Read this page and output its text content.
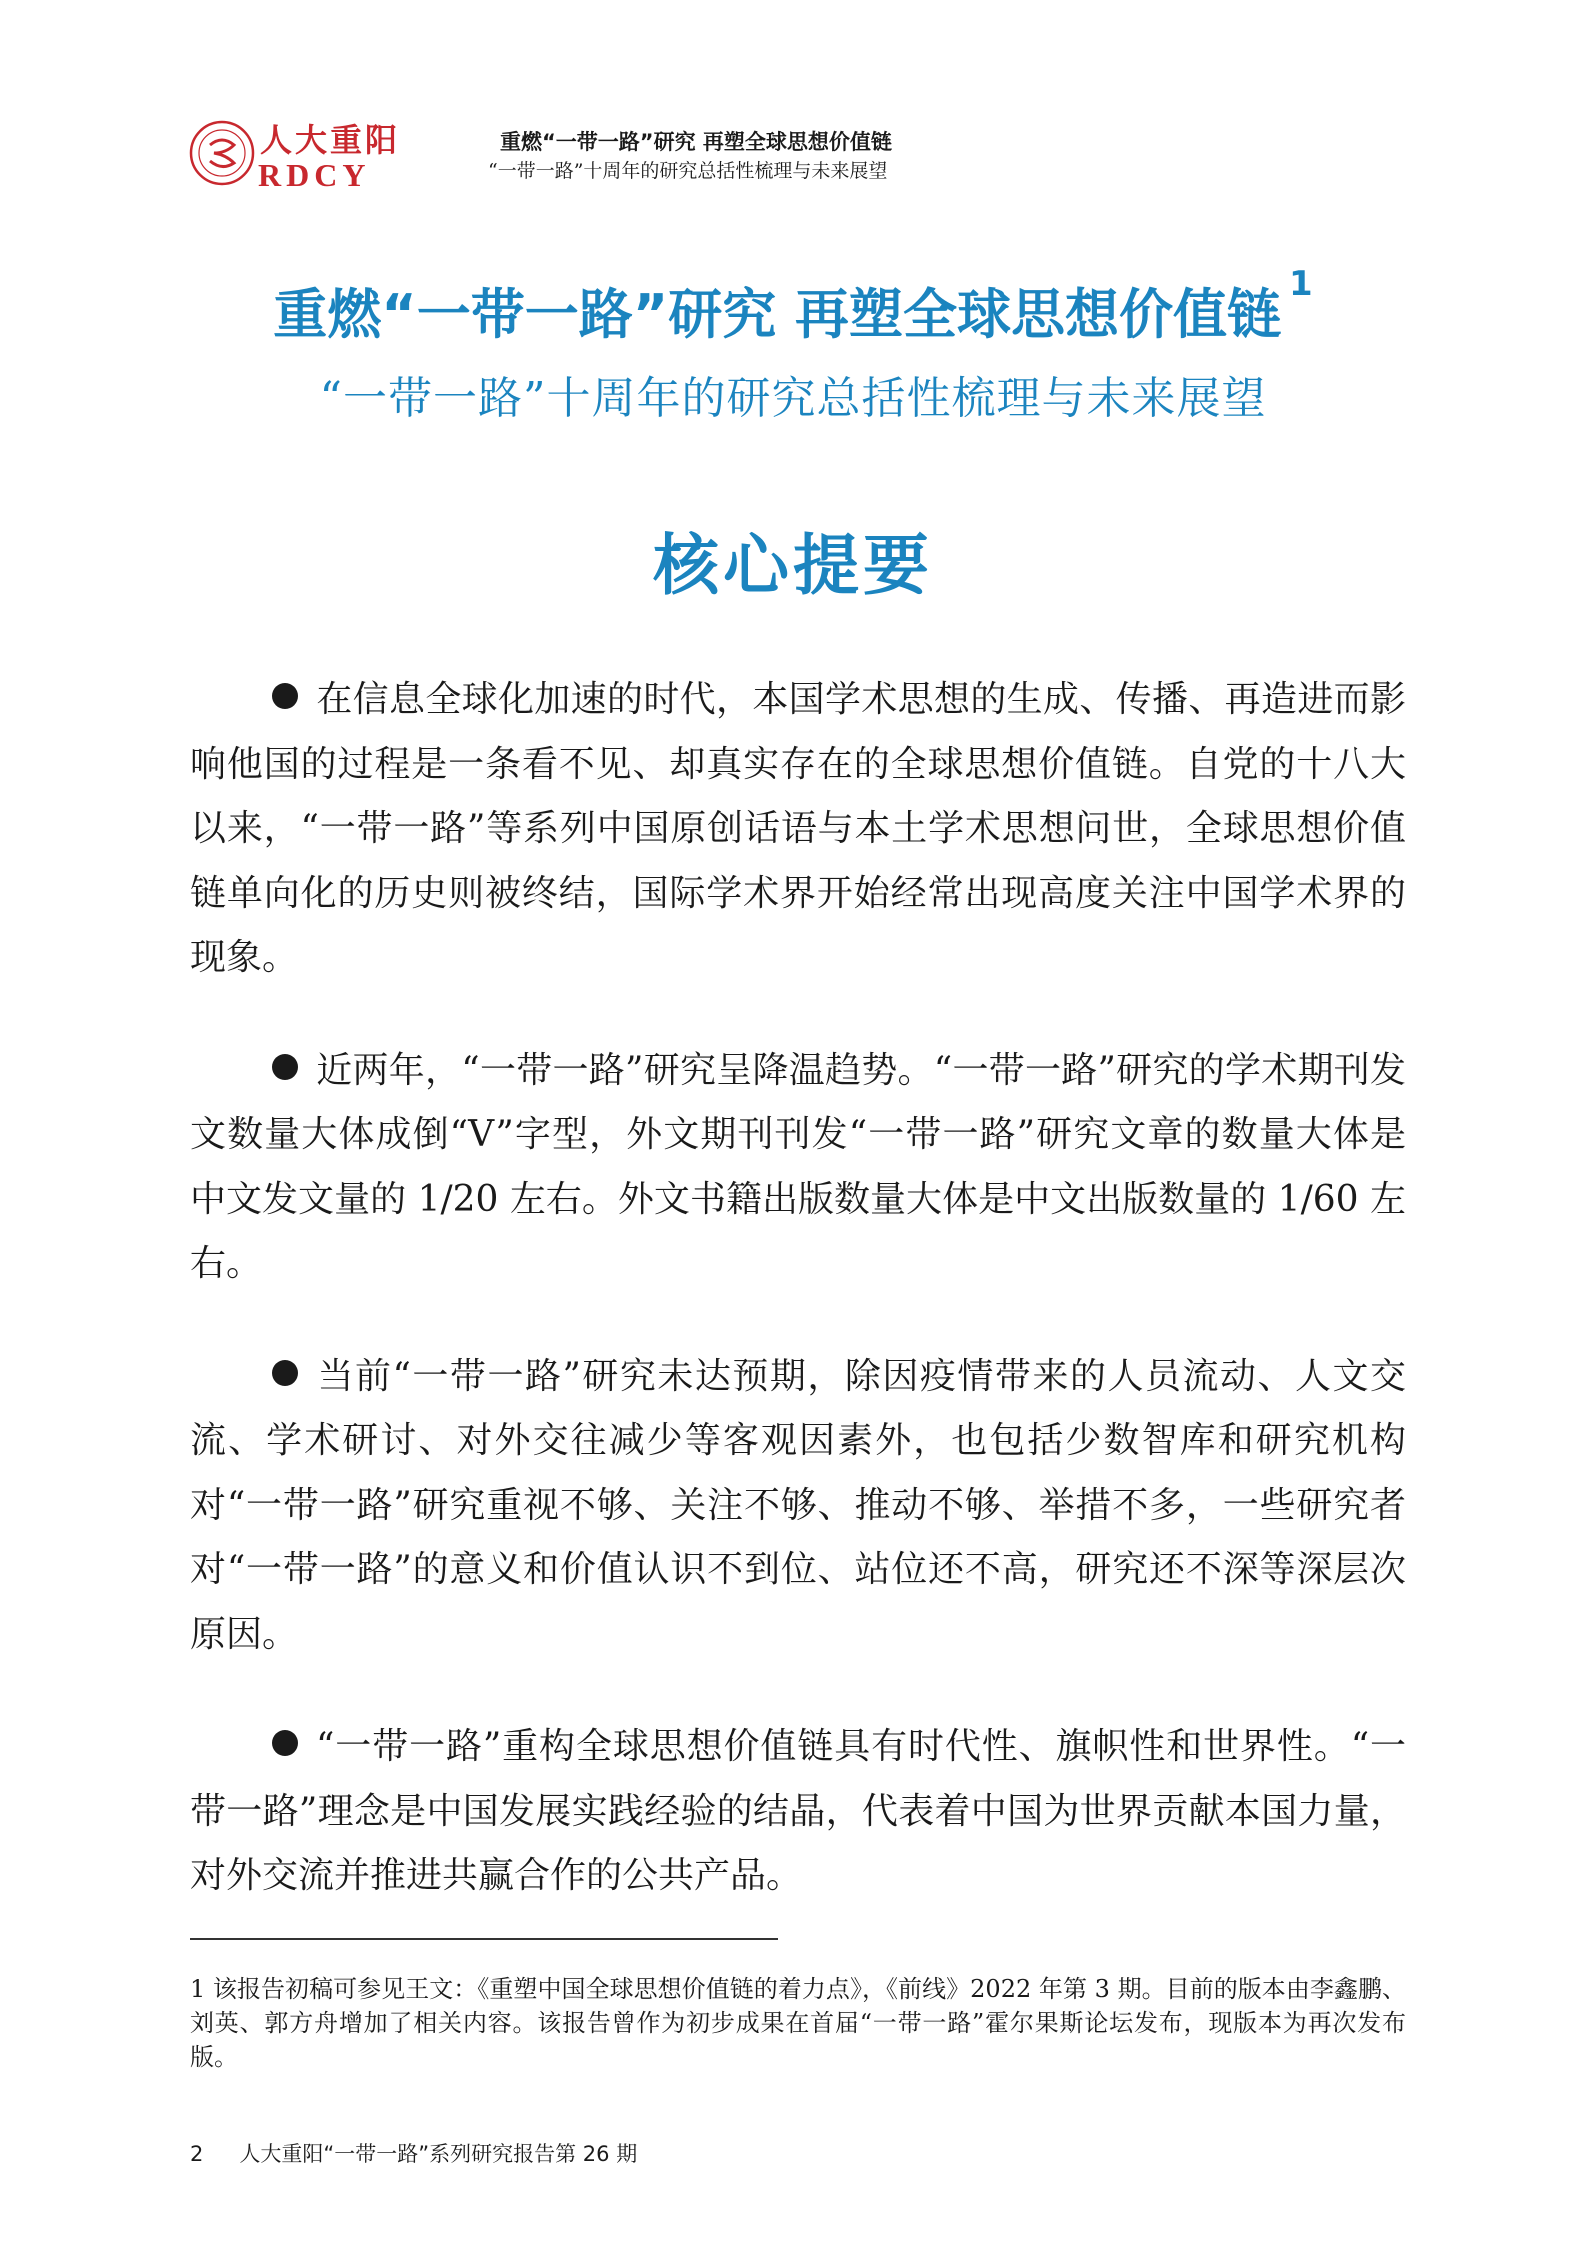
人大重阳
RDCY
重燃“一带一路”研究 再塑全球思想价值链
“一带一路”十周年的研究总括性梳理与未来展望
重燃“一带一路”研究 再塑全球思想价值链 $^1$
“一带一路”十周年的研究总括性梳理与未来展望
核心提要

在信息全球化加速的时代，本国学术思想的生成、传播、再造进而影响他国的过程是一条看不见、却真实存在的全球思想价值链。自党的十八大以来，“一带一路”等系列中国原创话语与本土学术思想问世，全球思想价值链单向化的历史则被终结，国际学术界开始经常出现高度关注中国学术界的现象。

近两年，“一带一路”研究呈降温趋势。“一带一路”研究的学术期刊发文数量大体成倒“V”字型，外文期刊刊发“一带一路”研究文章的数量大体是中文发文量的 1/20 左右。外文书籍出版数量大体是中文出版数量的 1/60 左右。

当前“一带一路”研究未达预期，除因疫情带来的人员流动、人文交流、学术研讨、对外交往减少等客观因素外，也包括少数智库和研究机构对“一带一路”研究重视不够、关注不够、推动不够、举措不多，一些研究者对“一带一路”的意义和价值认识不到位、站位还不高，研究还不深等深层次原因。

“一带一路”重构全球思想价值链具有时代性、旗帜性和世界性。“一带一路”理念是中国发展实践经验的结晶，代表着中国为世界贡献本国力量，对外交流并推进共赢合作的公共产品。

1 该报告初稿可参见王文：《重塑中国全球思想价值链的着力点》，《前线》2022 年第 3 期。目前的版本由李鑫鹏、刘英、郭方舟增加了相关内容。该报告曾作为初步成果在首届“一带一路”霍尔果斯论坛发布，现版本为再次发布版。
2 人大重阳“一带一路”系列研究报告第 26 期
